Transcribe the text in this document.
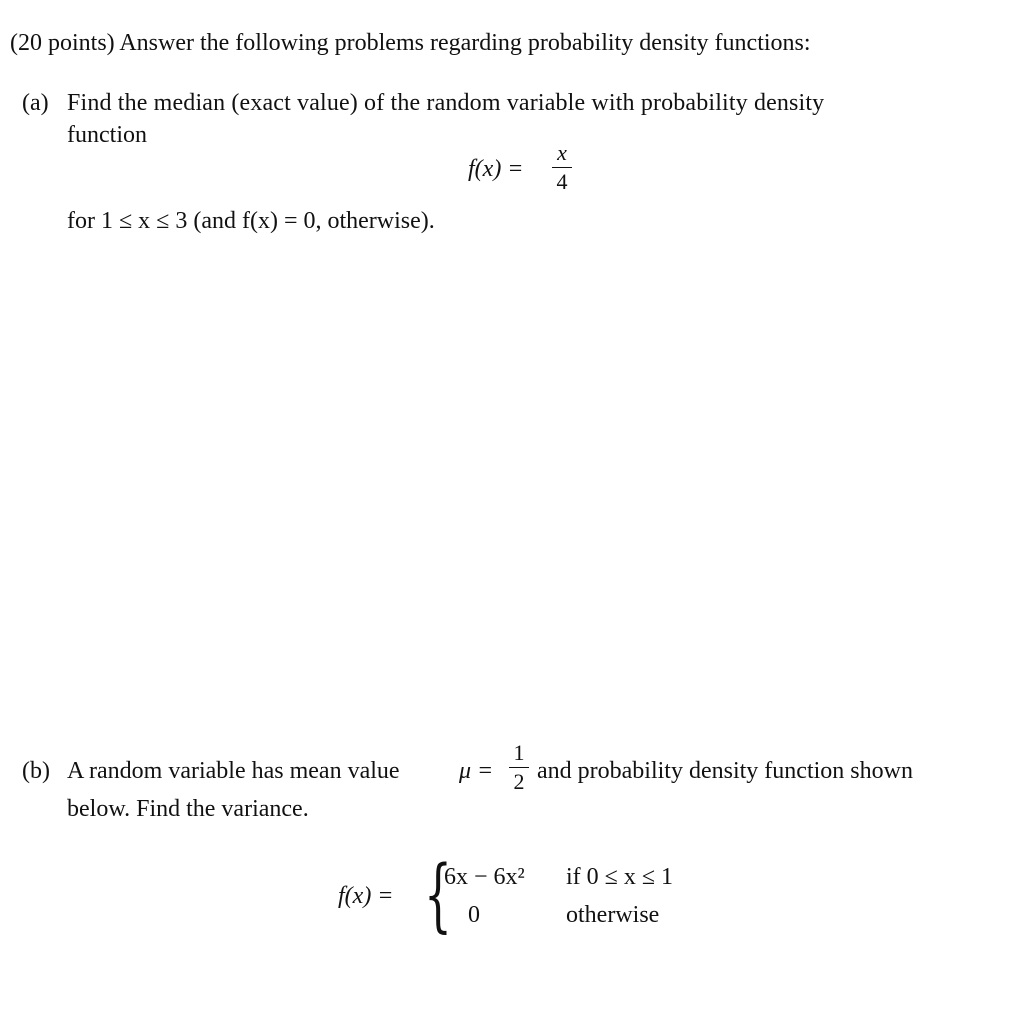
(20 points) Answer the following problems regarding probability density functions:
(a) Find the median (exact value) of the random variable with probability density
function
f(x) =
x
4
for 1 ≤ x ≤ 3 (and f(x) = 0, otherwise).
(b) A random variable has mean value μ =
1
2 and probability density function shown
below. Find the variance.
f(x) = {
6x − 6x² if 0 ≤ x ≤ 1
0	otherwise
